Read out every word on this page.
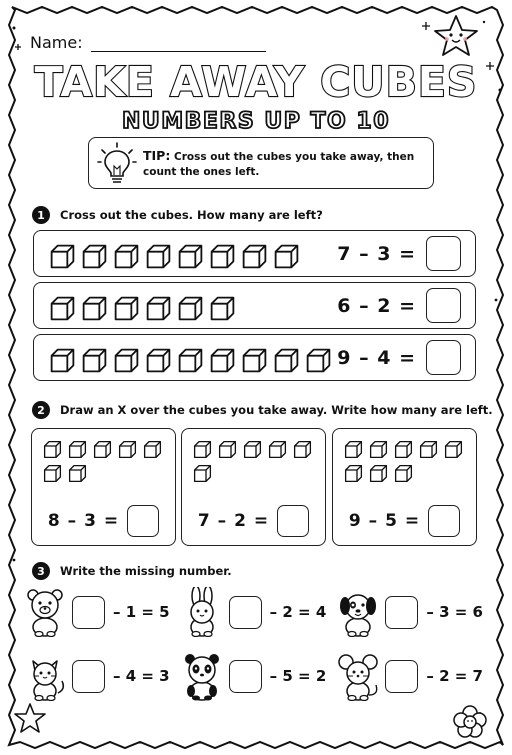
Name:
TAKE AWAY CUBES
NUMBERS UP TO 10
TIP: Cross out the cubes you take away, then count the ones left.
1	Cross out the cubes. How many are left?
7 – 3 =
6 – 2 =
9 – 4 =
2	Draw an X over the cubes you take away. Write how many are left.
8 – 3 =	7 – 2 =	9 – 5 =
3	Write the missing number.
– 1 = 5	– 2 = 4	– 3 = 6
– 4 = 3	– 5 = 2	– 2 = 7
